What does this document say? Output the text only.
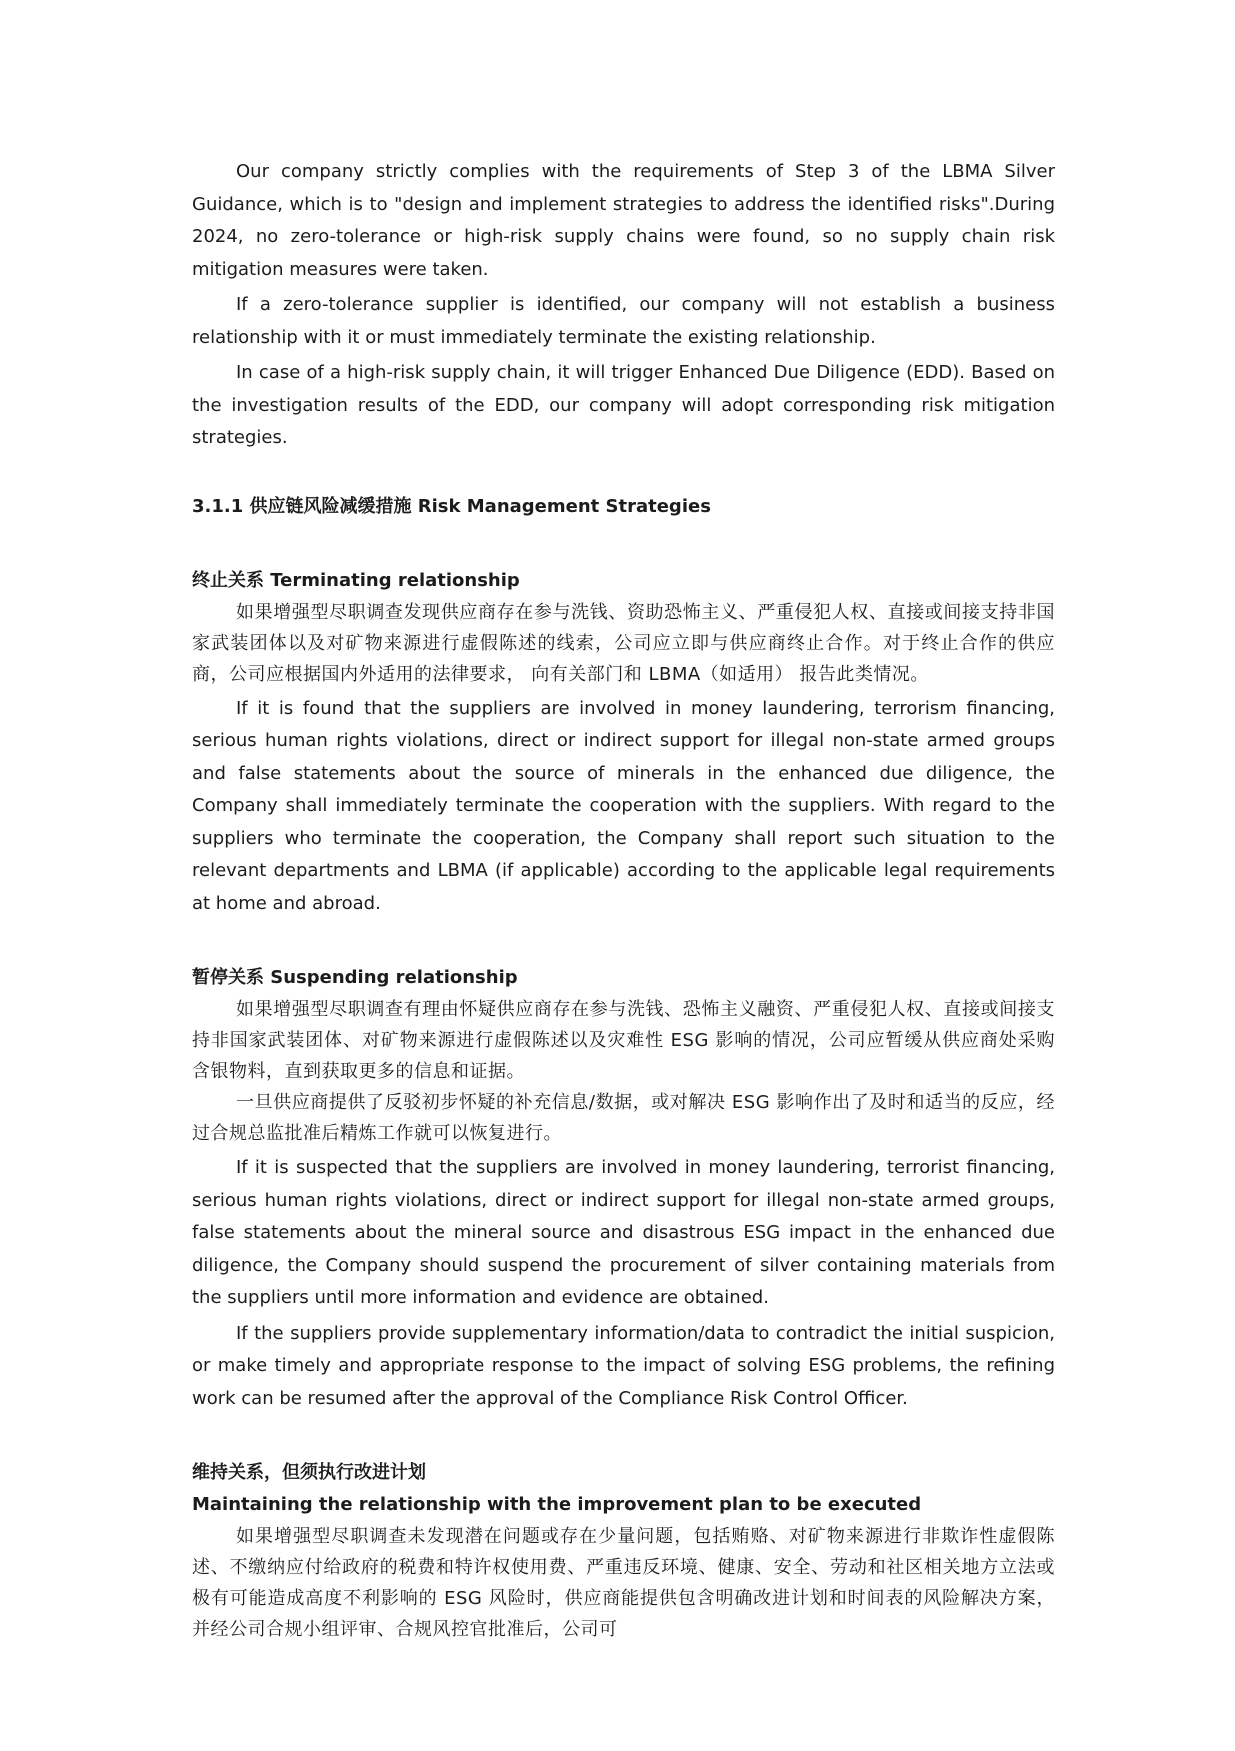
Our company strictly complies with the requirements of Step 3 of the LBMA Silver Guidance, which is to "design and implement strategies to address the identified risks".During 2024, no zero-tolerance or high-risk supply chains were found, so no supply chain risk mitigation measures were taken.

If a zero-tolerance supplier is identified, our company will not establish a business relationship with it or must immediately terminate the existing relationship.

In case of a high-risk supply chain, it will trigger Enhanced Due Diligence (EDD). Based on the investigation results of the EDD, our company will adopt corresponding risk mitigation strategies.

3.1.1 供应链风险减缓措施 Risk Management Strategies
终止关系 Terminating relationship

如果增强型尽职调查发现供应商存在参与洗钱、资助恐怖主义、严重侵犯人权、直接或间接支持非国家武装团体以及对矿物来源进行虚假陈述的线索，公司应立即与供应商终止合作。对于终止合作的供应商，公司应根据国内外适用的法律要求， 向有关部门和 LBMA（如适用） 报告此类情况。

If it is found that the suppliers are involved in money laundering, terrorism financing, serious human rights violations, direct or indirect support for illegal non-state armed groups and false statements about the source of minerals in the enhanced due diligence, the Company shall immediately terminate the cooperation with the suppliers. With regard to the suppliers who terminate the cooperation, the Company shall report such situation to the relevant departments and LBMA (if applicable) according to the applicable legal requirements at home and abroad.

暂停关系 Suspending relationship

如果增强型尽职调查有理由怀疑供应商存在参与洗钱、恐怖主义融资、严重侵犯人权、直接或间接支持非国家武装团体、对矿物来源进行虚假陈述以及灾难性 ESG 影响的情况，公司应暂缓从供应商处采购含银物料，直到获取更多的信息和证据。

一旦供应商提供了反驳初步怀疑的补充信息/数据，或对解决 ESG 影响作出了及时和适当的反应，经过合规总监批准后精炼工作就可以恢复进行。

If it is suspected that the suppliers are involved in money laundering, terrorist financing, serious human rights violations, direct or indirect support for illegal non-state armed groups, false statements about the mineral source and disastrous ESG impact in the enhanced due diligence, the Company should suspend the procurement of silver containing materials from the suppliers until more information and evidence are obtained.

If the suppliers provide supplementary information/data to contradict the initial suspicion, or make timely and appropriate response to the impact of solving ESG problems, the refining work can be resumed after the approval of the Compliance Risk Control Officer.

维持关系，但须执行改进计划
Maintaining the relationship with the improvement plan to be executed

如果增强型尽职调查未发现潜在问题或存在少量问题，包括贿赂、对矿物来源进行非欺诈性虚假陈述、不缴纳应付给政府的税费和特许权使用费、严重违反环境、健康、安全、劳动和社区相关地方立法或极有可能造成高度不利影响的 ESG 风险时，供应商能提供包含明确改进计划和时间表的风险解决方案，并经公司合规小组评审、合规风控官批准后，公司可
